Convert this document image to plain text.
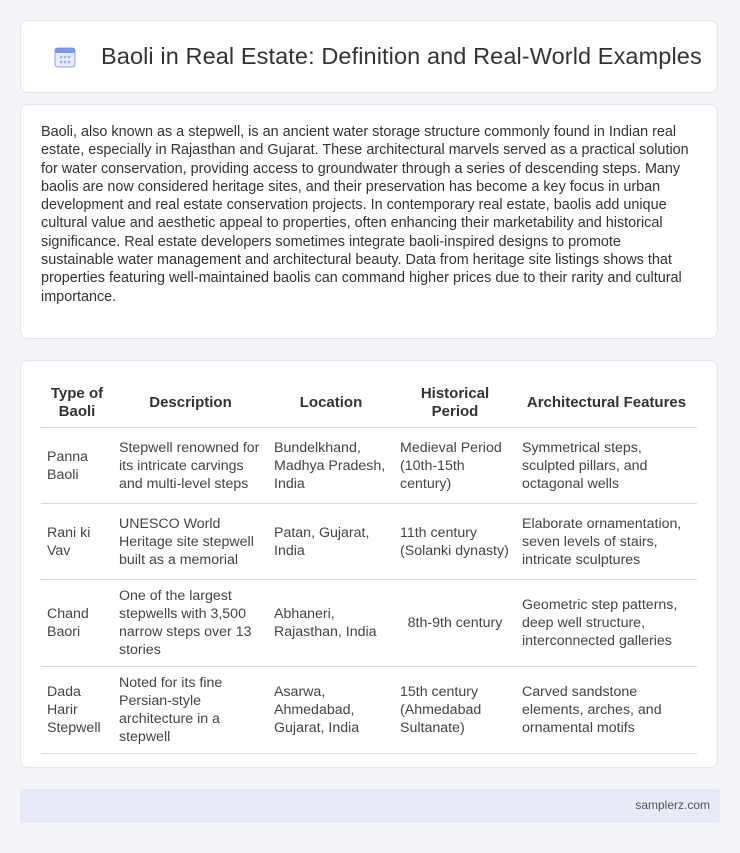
Baoli in Real Estate: Definition and Real-World Examples

Baoli, also known as a stepwell, is an ancient water storage structure commonly found in Indian real estate, especially in Rajasthan and Gujarat. These architectural marvels served as a practical solution for water conservation, providing access to groundwater through a series of descending steps. Many baolis are now considered heritage sites, and their preservation has become a key focus in urban development and real estate conservation projects. In contemporary real estate, baolis add unique cultural value and aesthetic appeal to properties, often enhancing their marketability and historical significance. Real estate developers sometimes integrate baoli-inspired designs to promote sustainable water management and architectural beauty. Data from heritage site listings shows that properties featuring well-maintained baolis can command higher prices due to their rarity and cultural importance.

Type of Baoli	Description	Location	Historical Period	Architectural Features
Panna Baoli	Stepwell renowned for its intricate carvings and multi-level steps	Bundelkhand, Madhya Pradesh, India	Medieval Period (10th-15th century)	Symmetrical steps, sculpted pillars, and octagonal wells
Rani ki Vav	UNESCO World Heritage site stepwell built as a memorial	Patan, Gujarat, India	11th century (Solanki dynasty)	Elaborate ornamentation, seven levels of stairs, intricate sculptures
Chand Baori	One of the largest stepwells with 3,500 narrow steps over 13 stories	Abhaneri, Rajasthan, India	8th-9th century	Geometric step patterns, deep well structure, interconnected galleries
Dada Harir Stepwell	Noted for its fine Persian-style architecture in a stepwell	Asarwa, Ahmedabad, Gujarat, India	15th century (Ahmedabad Sultanate)	Carved sandstone elements, arches, and ornamental motifs
samplerz.com
